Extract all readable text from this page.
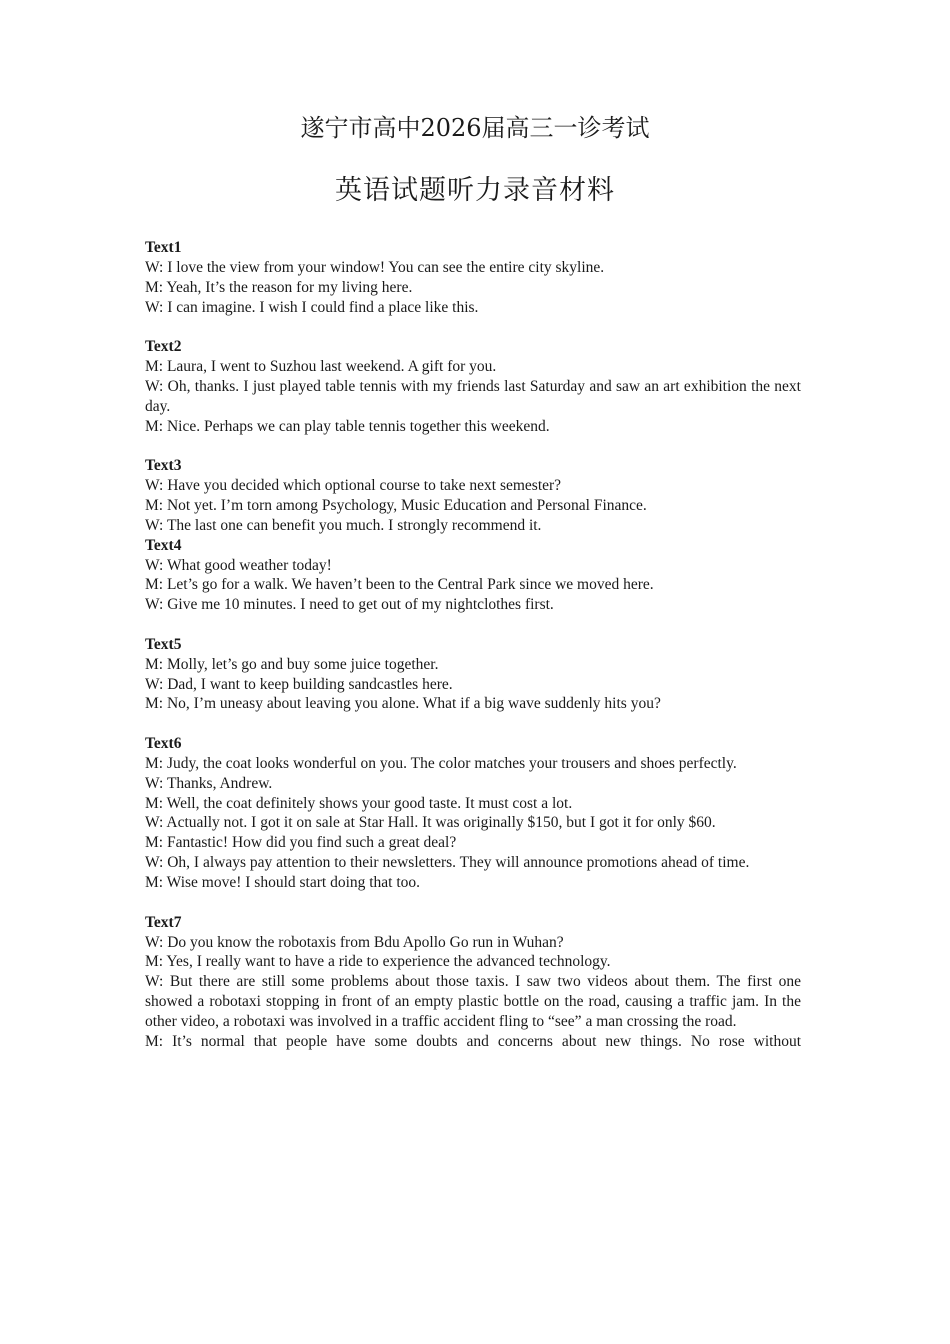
遂宁市高中2026届高三一诊考试
英语试题听力录音材料

Text1

W: I love the view from your window! You can see the entire city skyline.

M: Yeah, It’s the reason for my living here.

W: I can imagine. I wish I could find a place like this.

Text2

M: Laura, I went to Suzhou last weekend. A gift for you.

W: Oh, thanks. I just played table tennis with my friends last Saturday and saw an art exhibition the next day.

M: Nice. Perhaps we can play table tennis together this weekend.

Text3

W: Have you decided which optional course to take next semester?

M: Not yet. I’m torn among Psychology, Music Education and Personal Finance.

W: The last one can benefit you much. I strongly recommend it.

Text4

W: What good weather today!

M: Let’s go for a walk. We haven’t been to the Central Park since we moved here.

W: Give me 10 minutes. I need to get out of my nightclothes first.

Text5

M: Molly, let’s go and buy some juice together.

W: Dad, I want to keep building sandcastles here.

M: No, I’m uneasy about leaving you alone. What if a big wave suddenly hits you?

Text6

M: Judy, the coat looks wonderful on you. The color matches your trousers and shoes perfectly.

W: Thanks, Andrew.

M: Well, the coat definitely shows your good taste. It must cost a lot.

W: Actually not. I got it on sale at Star Hall. It was originally $150, but I got it for only $60.

M: Fantastic! How did you find such a great deal?

W: Oh, I always pay attention to their newsletters. They will announce promotions ahead of time.

M: Wise move! I should start doing that too.

Text7

W: Do you know the robotaxis from Bdu Apollo Go run in Wuhan?

M: Yes, I really want to have a ride to experience the advanced technology.

W: But there are still some problems about those taxis. I saw two videos about them. The first one showed a robotaxi stopping in front of an empty plastic bottle on the road, causing a traffic jam. In the other video, a robotaxi was involved in a traffic accident fling to “see” a man crossing the road.

M: It’s normal that people have some doubts and concerns about new things. No rose without
